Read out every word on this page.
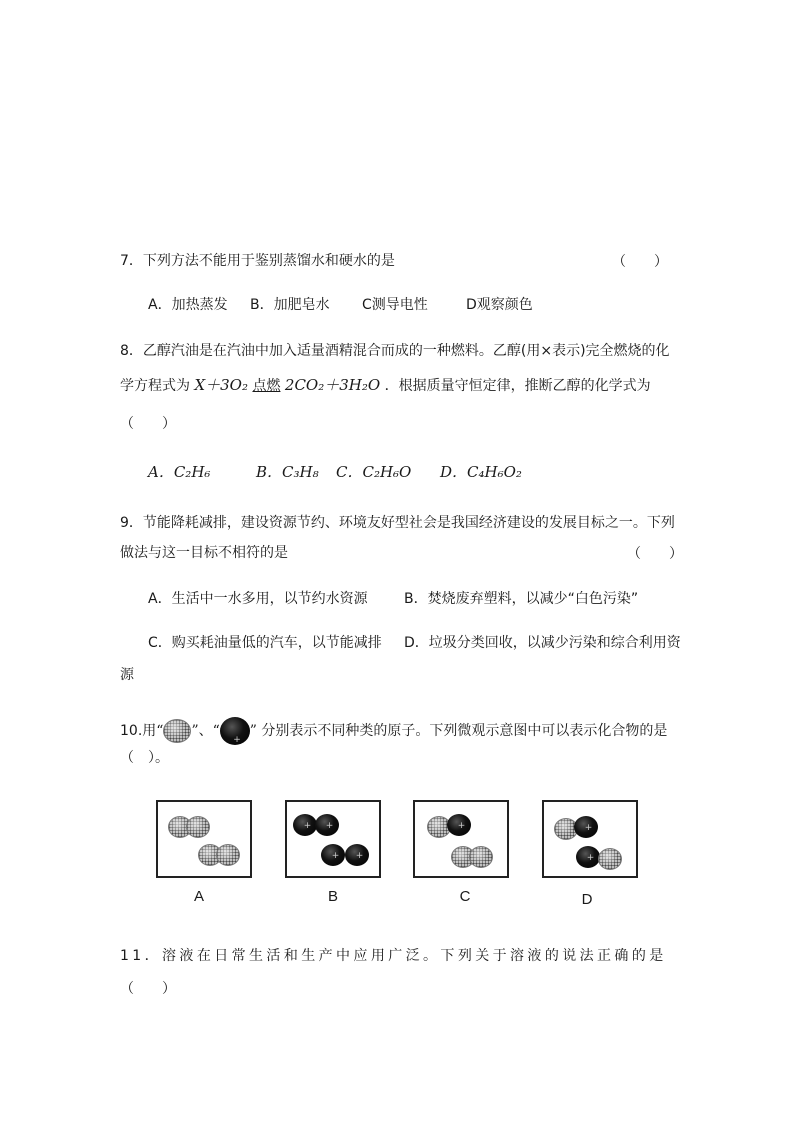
7．下列方法不能用于鉴别蒸馏水和硬水的是	（　　）
A．加热蒸发 B．加肥皂水 C测导电性	D观察颜色
8．乙醇汽油是在汽油中加入适量酒精混合而成的一种燃料。乙醇(用×表示)完全燃烧的化
学方程式为 X＋3O₂ 点燃 2CO₂＋3H₂O ．根据质量守恒定律，推断乙醇的化学式为
（　　）
A．C₂H₆	B．C₃H₈ C．C₂H₆O D．C₄H₆O₂
9．节能降耗减排，建设资源节约、环境友好型社会是我国经济建设的发展目标之一。下列
做法与这一目标不相符的是	（　　）
A．生活中一水多用，以节约水资源	B．焚烧废弃塑料，以减少“白色污染”
C．购买耗油量低的汽车，以节能减排 D．垃圾分类回收，以减少污染和综合利用资
源
10.用“ ”、“+ ” 分别表示不同种类的原子。下列微观示意图中可以表示化合物的是
（　）。
A
+
+
+
+	B
+	C
+
+	D
11．溶液在日常生活和生产中应用广泛。下列关于溶液的说法正确的是
（　　）
